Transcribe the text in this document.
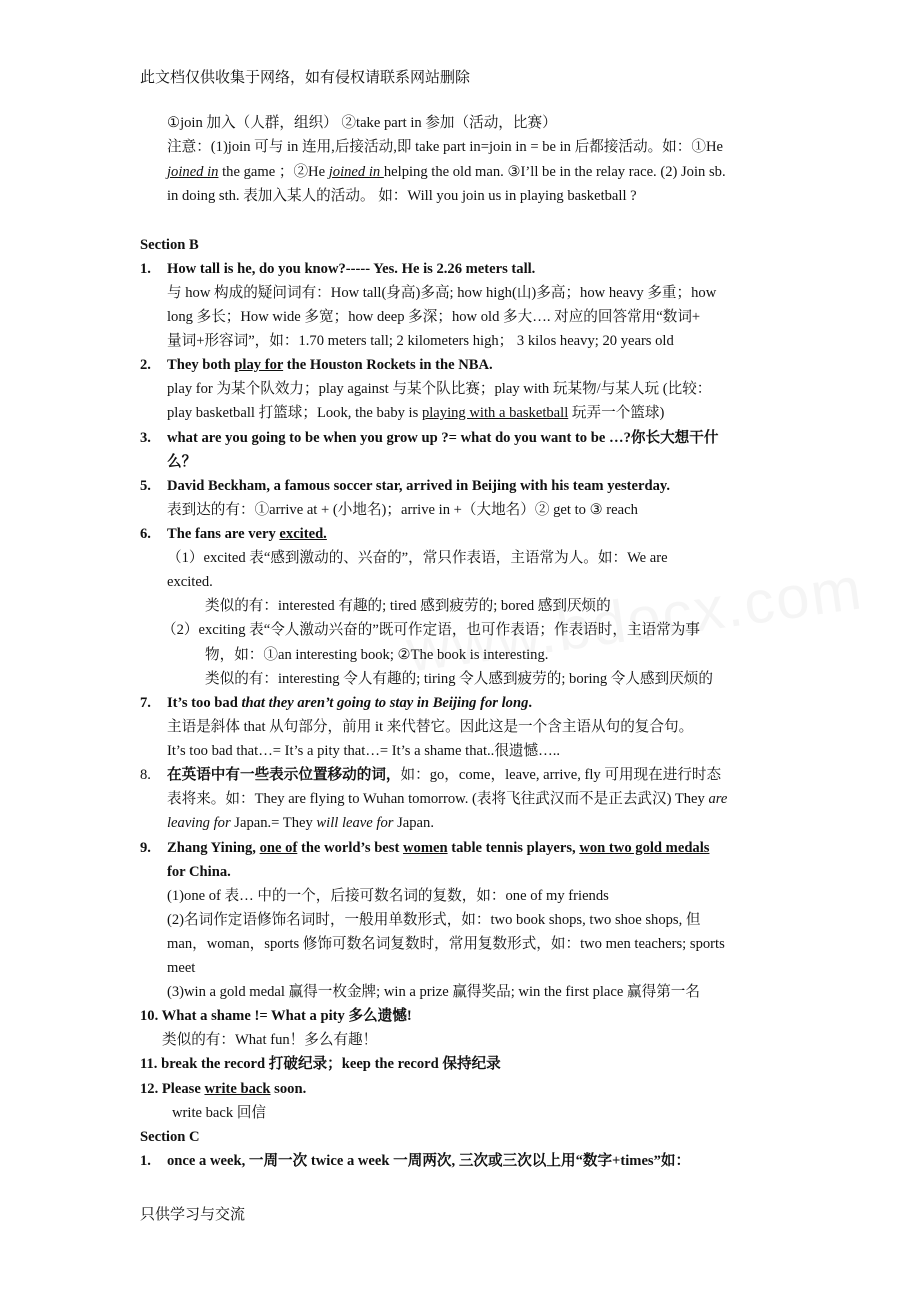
此文档仅供收集于网络，如有侵权请联系网站删除
①join 加入（人群，组织） ②take part in 参加（活动，比赛）
注意：(1)join 可与 in 连用,后接活动,即 take part in=join in = be in 后都接活动。如：①He
joined in the game ；②He joined in helping the old man. ③I’ll be in the relay race. (2) Join sb.
in doing sth. 表加入某人的活动。 如：Will you join us in playing basketball ?
Section B
1. How tall is he, do you know?----- Yes. He is 2.26 meters tall.
与 how 构成的疑问词有：How tall(身高)多高; how high(山)多高；how heavy 多重；how
long 多长；How wide 多宽；how deep 多深；how old 多大…. 对应的回答常用“数词+
量词+形容词”，如：1.70 meters tall; 2 kilometers high； 3 kilos heavy; 20 years old
2. They both play for the Houston Rockets in the NBA.
play for 为某个队效力；play against 与某个队比赛；play with 玩某物/与某人玩 (比较：
play basketball 打篮球；Look, the baby is playing with a basketball 玩弄一个篮球)
3. what are you going to be when you grow up ?= what do you want to be …?你长大想干什
么？
5. David Beckham, a famous soccer star, arrived in Beijing with his team yesterday.
表到达的有：①arrive at + (小地名)；arrive in +（大地名）② get to ③ reach
6. The fans are very excited.
（1）excited 表“感到激动的、兴奋的”，常只作表语，主语常为人。如：We are
excited.
类似的有：interested 有趣的; tired 感到疲劳的; bored 感到厌烦的
（2）exciting 表“令人激动兴奋的”既可作定语，也可作表语；作表语时，主语常为事
物，如：①an interesting book; ②The book is interesting.
类似的有：interesting 令人有趣的; tiring 令人感到疲劳的; boring 令人感到厌烦的
7. It’s too bad that they aren’t going to stay in Beijing for long.
主语是斜体 that 从句部分，前用 it 来代替它。因此这是一个含主语从句的复合句。
It’s too bad that…= It’s a pity that…= It’s a shame that..很遗憾…..
8. 在英语中有一些表示位置移动的词，如：go，come，leave, arrive, fly 可用现在进行时态
表将来。如：They are flying to Wuhan tomorrow. (表将飞往武汉而不是正去武汉) They are
leaving for Japan.= They will leave for Japan.
9. Zhang Yining, one of the world’s best women table tennis players, won two gold medals
for China.
(1)one of 表… 中的一个，后接可数名词的复数，如：one of my friends
(2)名词作定语修饰名词时，一般用单数形式，如：two book shops, two shoe shops, 但
man，woman，sports 修饰可数名词复数时，常用复数形式，如：two men teachers; sports
meet
(3)win a gold medal 赢得一枚金牌; win a prize 赢得奖品; win the first place 赢得第一名
10. What a shame != What a pity 多么遗憾!
类似的有：What fun！多么有趣！
11. break the record 打破纪录；keep the record 保持纪录
12. Please write back soon.
write back 回信
Section C
1. once a week, 一周一次 twice a week 一周两次, 三次或三次以上用“数字+times”如：
只供学习与交流
